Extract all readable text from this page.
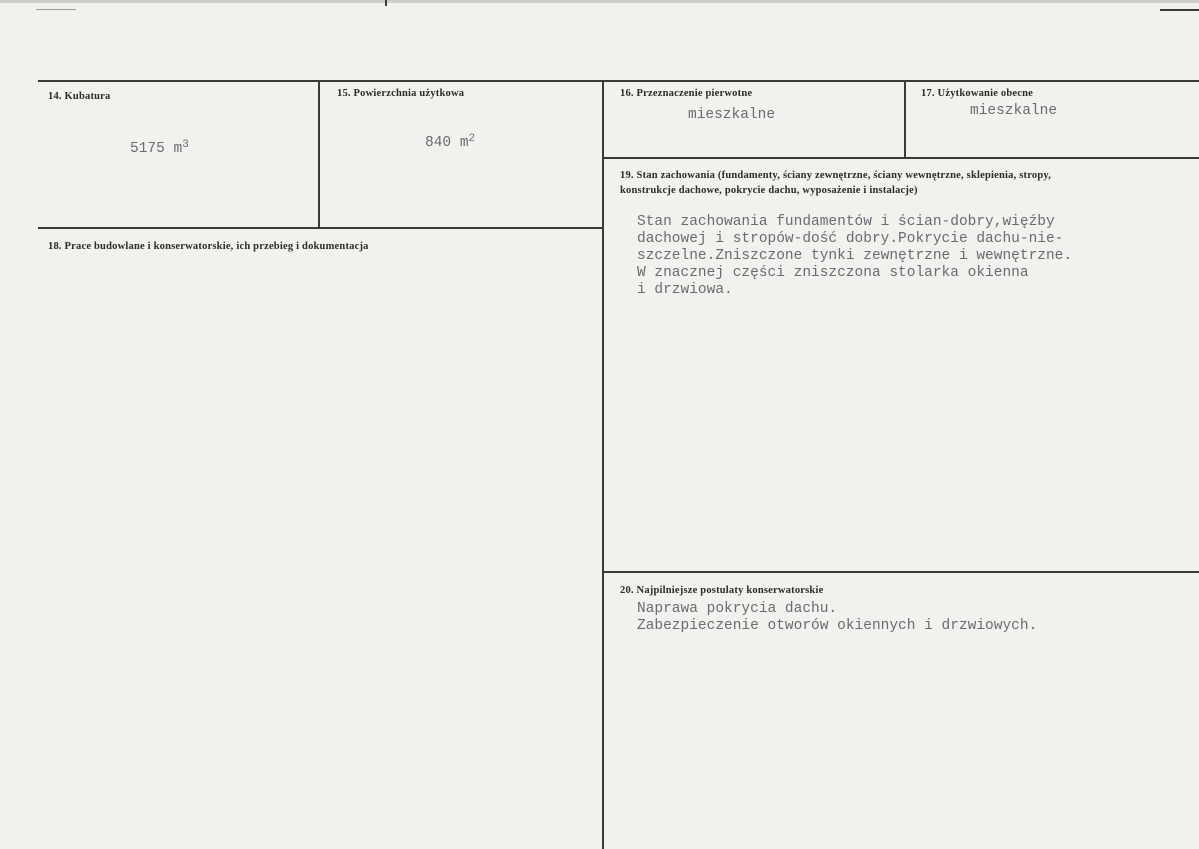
14. Kubatura
5175 $m^3$
15. Powierzchnia użytkowa
840 $m^2$
16. Przeznaczenie pierwotne
mieszkalne
17. Użytkowanie obecne
mieszkalne
18. Prace budowlane i konserwatorskie, ich przebieg i dokumentacja
19. Stan zachowania (fundamenty, ściany zewnętrzne, ściany wewnętrzne, sklepienia, stropy,
konstrukcje dachowe, pokrycie dachu, wyposażenie i instalacje)
Stan zachowania fundamentów i ścian-dobry,więźby
dachowej i stropów-dość dobry.Pokrycie dachu-nie-
szczelne.Zniszczone tynki zewnętrzne i wewnętrzne.
W znacznej części zniszczona stolarka okienna
i drzwiowa.
20. Najpilniejsze postulaty konserwatorskie
Naprawa pokrycia dachu.
Zabezpieczenie otworów okiennych i drzwiowych.
